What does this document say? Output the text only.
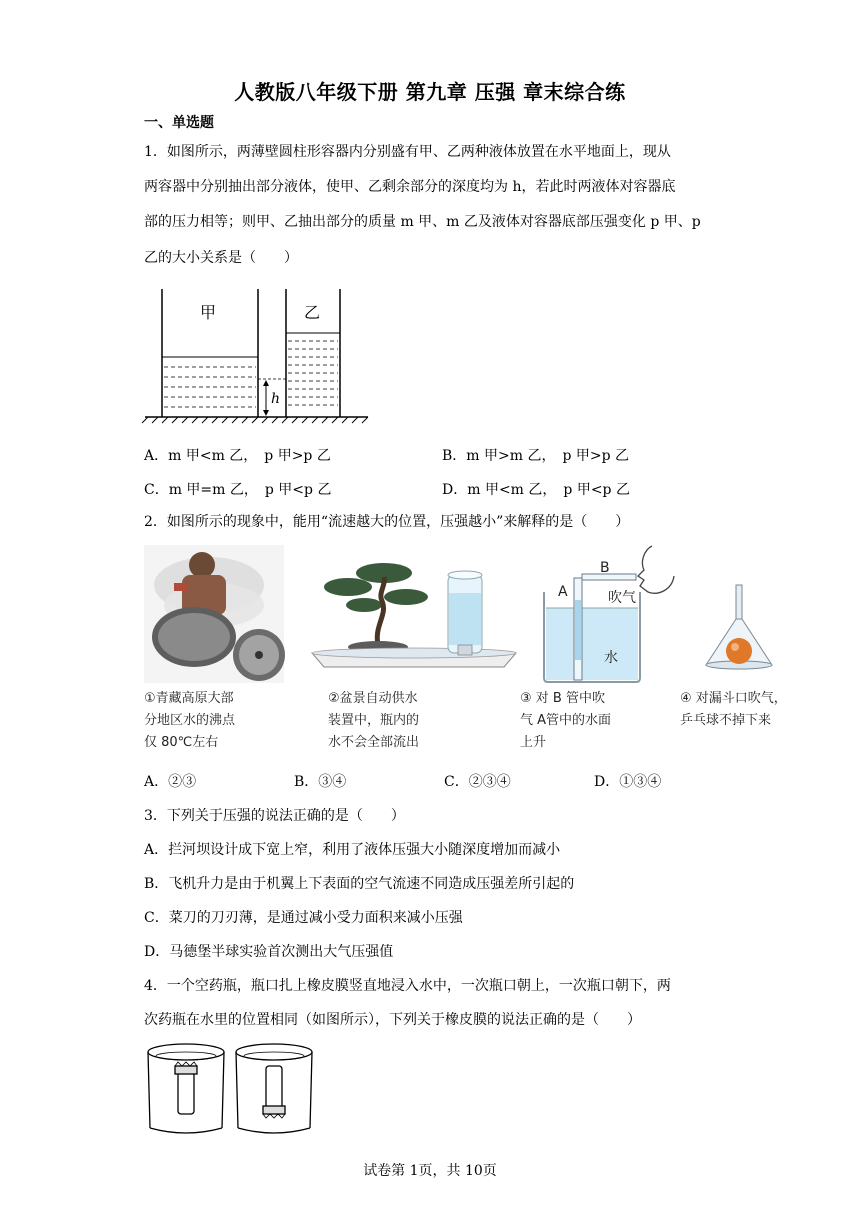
人教版八年级下册 第九章 压强 章末综合练
一、单选题
1．如图所示，两薄壁圆柱形容器内分别盛有甲、乙两种液体放置在水平地面上，现从
两容器中分别抽出部分液体，使甲、乙剩余部分的深度均为 h，若此时两液体对容器底
部的压力相等；则甲、乙抽出部分的质量 m 甲、m 乙及液体对容器底部压强变化 p 甲、p
乙的大小关系是（　　）
甲	乙
h
A．m 甲<m 乙，　p 甲>p 乙	B．m 甲>m 乙，　p 甲>p 乙
C．m 甲=m 乙，　p 甲<p 乙	D．m 甲<m 乙，　p 甲<p 乙
2．如图所示的现象中，能用“流速越大的位置，压强越小”来解释的是（　　）
A
B
吹气
水
①青藏高原大部
分地区水的沸点
仅 80℃左右
②盆景自动供水
装置中，瓶内的
水不会全部流出
③ 对 B 管中吹
气 A管中的水面
上升
④ 对漏斗口吹气，
乒乓球不掉下来
A．②③	B．③④	C．②③④	D．①③④
3．下列关于压强的说法正确的是（　　）
A．拦河坝设计成下宽上窄，利用了液体压强大小随深度增加而减小
B．飞机升力是由于机翼上下表面的空气流速不同造成压强差所引起的
C．菜刀的刀刃薄，是通过减小受力面积来减小压强
D．马德堡半球实验首次测出大气压强值
4．一个空药瓶，瓶口扎上橡皮膜竖直地浸入水中，一次瓶口朝上，一次瓶口朝下，两
次药瓶在水里的位置相同（如图所示），下列关于橡皮膜的说法正确的是（　　）
试卷第 1页，共 10页
